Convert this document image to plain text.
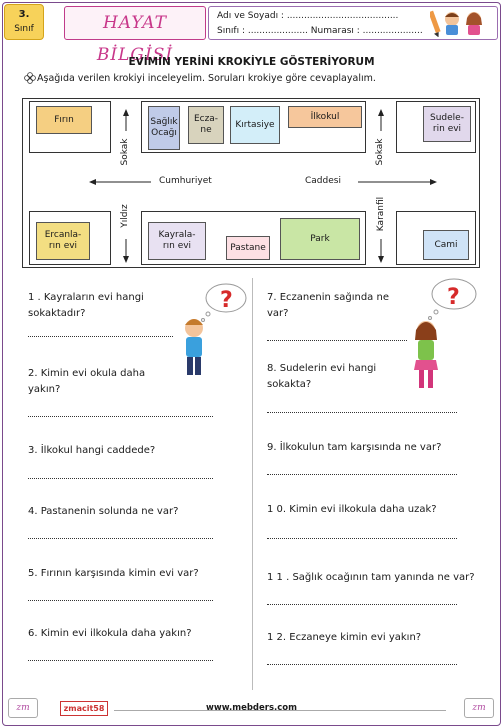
3.
Sınıf	HAYAT BİLGİSİ
Adı ve Soyadı : .......................................
Sınıfı : ..................... Numarası : .....................
EVİMİN YERİNİ KROKİYLE GÖSTERİYORUM
Aşağıda verilen krokiyi inceleyelim. Soruları krokiye göre cevaplayalım.
Fırın	Sağlık
Ocağı
Ecza-
ne
Kırtasiye
İlkokul	Sudele-
rin evi
Ercanla-
rın evi
Kayrala-
rın evi	Pastane
Park
Cami
Cumhuriyet	Caddesi
Sokak
Yıldız
Sokak
Karanfil
1 . Kayraların evi hangi sokaktadır?
2. Kimin evi okula daha yakın?
3. İlkokul hangi caddede?
4. Pastanenin solunda ne var?
5. Fırının karşısında kimin evi var?
6. Kimin evi ilkokula daha yakın?
7. Eczanenin sağında ne var?
8. Sudelerin evi hangi sokakta?
9. İlkokulun tam karşısında ne var?
1 0. Kimin evi ilkokula daha uzak?
1 1 . Sağlık ocağının tam yanında ne var?
1 2. Eczaneye kimin evi yakın?
?	?
zm	zmacit58	www.mebders.com	zm
